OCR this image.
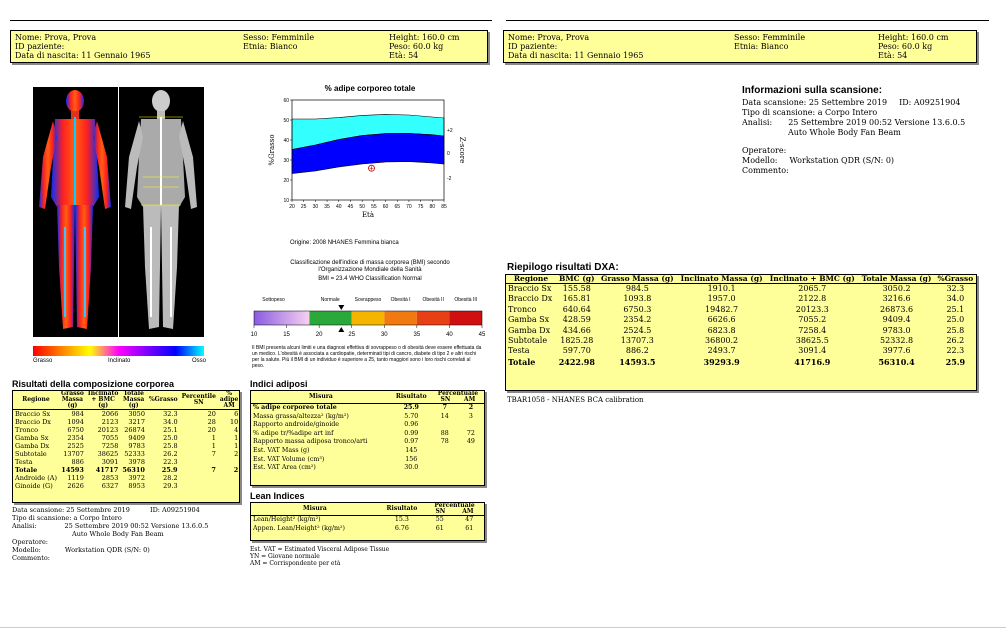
Nome: Prova, Prova
ID paziente:
Data di nascita: 11 Gennaio 1965
Sesso: Femminile
Etnia: Bianco
Height: 160.0 cm
Peso: 60.0 kg
Età: 54
Nome: Prova, Prova
ID paziente:
Data di nascita: 11 Gennaio 1965
Sesso: Femminile
Etnia: Bianco
Height: 160.0 cm
Peso: 60.0 kg
Età: 54
Grasso	Inclinato	Osso
% adipe corporeo totale
20 25 30 35 40 45 50 55 60 65 70 75 80 85
10
20
30
40
50
60
+2
0
-2
Età
%Grasso	Z-score
Origine: 2008 NHANES Femmina bianca
Classificazione dell'indice di massa corporea (BMI) secondo l'Organizzazione Mondiale della Sanità
BMI = 23.4 WHO Classification Normal
Sottopeso	Normale	Sovrappeso Obesità I Obesità II Obesità III
10	15	20	25	30	35	40	45
Il BMI presenta alcuni limiti e una diagnosi effettiva di sovrappeso o di obesità deve essere effettuata da un medico. L'obesità è associata a cardiopatie, determinati tipi di cancro, diabete di tipo 2 e altri rischi per la salute. Più il BMI di un individuo è superiore a 25, tanto maggiori sono i loro rischi correlati al peso.
Risultati della composizione corporea
Regione	Grasso Massa (g)	Inclinato + BMC (g)	Totale Massa (g)	%Grasso	Percentile SN	% adipe AM
Braccio Sx	984	2066	3050	32.3	20	6
Braccio Dx	1094	2123	3217	34.0	28	10
Tronco	6750	20123	26874	25.1	20	4
Gamba Sx	2354	7055	9409	25.0	1	1
Gamba Dx	2525	7258	9783	25.8	1	1
Subtotale	13707	38625	52333	26.2	7	2
Testa	886	3091	3978	22.3		
Totale	14593	41717	56310	25.9	7	2
Androide (A)	1119	2853	3972	28.2		
Ginoide (G)	2626	6327	8953	29.3		
Data scansione: 25 Settembre 2019	ID: A09251904
Tipo di scansione: a Corpo Intero
Analisi:	25 Settembre 2019 00:52 Versione 13.6.0.5
Auto Whole Body Fan Beam
Operatore:
Modello:	Workstation QDR (S/N: 0)
Commento:
Indici adiposi
Misura	Risultato	Percentuale
SN AM	

% adipe corporeo totale	25.9	7	2
Massa grassa/altezza² (kg/m²)	5.70	14	3
Rapporto androide/ginoide	0.96		
% adipe tr/%adipe art inf	0.99	88	72
Rapporto massa adiposa tronco/arti	0.97	78	49
Est. VAT Mass (g)	145		
Est. VAT Volume (cm³)	156		
Est. VAT Area (cm²)	30.0		
Lean Indices
Misura	Risultato	Percentuale
SN AM	

Lean/Height² (kg/m²)	15.3	55	47
Appen. Lean/Height² (kg/m²)	6.76	61	61
Est. VAT = Estimated Visceral Adipose Tissue
YN = Giovane normale
AM = Corrispondente per età
Informazioni sulla scansione:
Data scansione: 25 Settembre 2019 ID: A09251904
Tipo di scansione: a Corpo Intero
Analisi: 25 Settembre 2019 00:52 Versione 13.6.0.5
Auto Whole Body Fan Beam
Operatore:
Modello: Workstation QDR (S/N: 0)
Commento:
Riepilogo risultati DXA:
Regione	BMC (g)	Grasso Massa (g)	Inclinato Massa (g)	Inclinato + BMC (g)	Totale Massa (g)	%Grasso
Braccio Sx	155.58	984.5	1910.1	2065.7	3050.2	32.3
Braccio Dx	165.81	1093.8	1957.0	2122.8	3216.6	34.0
Tronco	640.64	6750.3	19482.7	20123.3	26873.6	25.1
Gamba Sx	428.59	2354.2	6626.6	7055.2	9409.4	25.0
Gamba Dx	434.66	2524.5	6823.8	7258.4	9783.0	25.8
Subtotale	1825.28	13707.3	36800.2	38625.5	52332.8	26.2
Testa	597.70	886.2	2493.7	3091.4	3977.6	22.3
Totale	2422.98	14593.5	39293.9	41716.9	56310.4	25.9
TBAR1058 - NHANES BCA calibration
